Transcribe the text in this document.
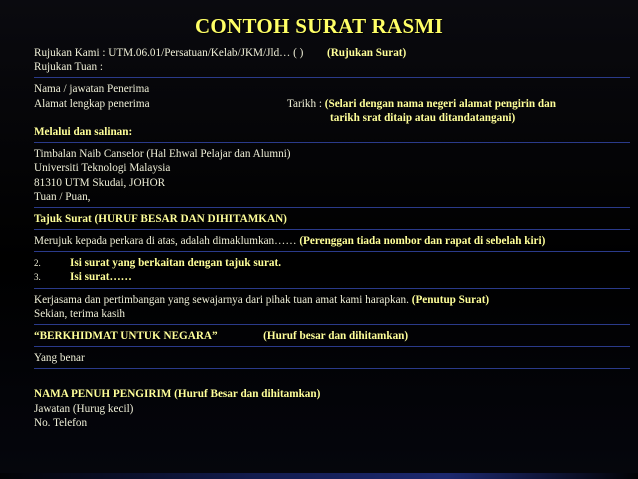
CONTOH SURAT RASMI
Rujukan Kami : UTM.06.01/Persatuan/Kelab/JKM/Jld… ( ) (Rujukan Surat)
Rujukan Tuan :
Nama / jawatan Penerima
Alamat lengkap penerima	Tarikh : (Selari dengan nama negeri alamat pengirin dan
tarikh srat ditaip atau ditandatangani)
Melalui dan salinan:
Timbalan Naib Canselor (Hal Ehwal Pelajar dan Alumni)
Universiti Teknologi Malaysia
81310 UTM Skudai, JOHOR
Tuan / Puan,
Tajuk Surat (HURUF BESAR DAN DIHITAMKAN)
Merujuk kepada perkara di atas, adalah dimaklumkan…… (Perenggan tiada nombor dan rapat di sebelah kiri)
2.	Isi surat yang berkaitan dengan tajuk surat.
3.	Isi surat……
Kerjasama dan pertimbangan yang sewajarnya dari pihak tuan amat kami harapkan. (Penutup Surat)
Sekian, terima kasih
“BERKHIDMAT UNTUK NEGARA”	(Huruf besar dan dihitamkan)
Yang benar
NAMA PENUH PENGIRIM (Huruf Besar dan dihitamkan)
Jawatan (Hurug kecil)
No. Telefon
